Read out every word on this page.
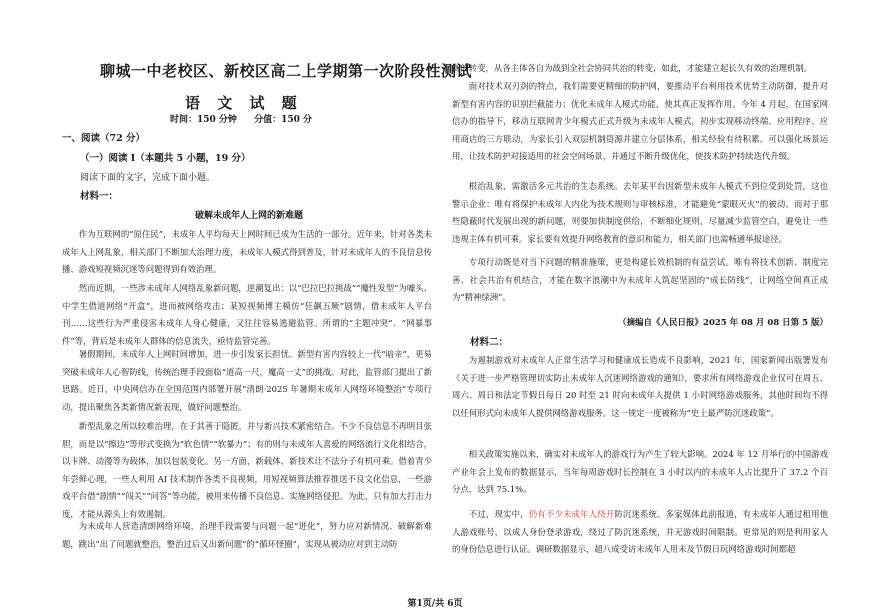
聊城一中老校区、新校区高二上学期第一次阶段性测试
语 文 试 题
时间：150 分钟 分值：150 分
一、阅读（72 分）
（一）阅读 I（本题共 5 小题，19 分）
阅读下面的文字，完成下面小题。
材料一：
破解未成年人上网的新难题

作为互联网的“原住民”，未成年人平均每天上网时间已成为生活的一部分。近年来，针对各类未成年人上网乱象，相关部门不断加大治理力度，未成年人模式得到普及，针对未成年人的不良信息传播、游戏短视频沉迷等问题得到有效治理。

然而近期，一些涉未成年人网络乱象新问题，逆潮复出：以“巴拉巴拉挑战”“魔性发型”为噱头、中学生借道网络“开盒”，进而被网络攻击；某短视频博主模仿“狂飙五厥”剧情，借未成年人平台刊……这些行为严重侵害未成年人身心健康，又往往容易逃避监管。所谓的“主题冲突”、“网暴事件”等，背后是未成年人群体的信息流失，亟待监管完善。

暑假期间，未成年人上网时间增加，进一步引发家长担忧。新型有害内容较上一代“暗亲”，更易突破未成年人心智防线，传统治理手段面临“道高一尺，魔高一丈”的挑战。对此，监管部门提出了新思路。近日，中央网信办在全国范围内部署开展“清朗·2025 年暑期未成年人网络环境整治”专项行动，提出聚焦各类新情况新表现，做好问题整治。

新型乱象之所以较难治理，在于其善于隐匿，并与新兴技术紧密结合。不少不良信息不再明目张胆，而是以“擦边”等形式变换为“软色情”“软暴力”；有的则与未成年人喜爱的网络流行文化相结合，以卡牌、动漫等为载体，加以包装变化。另一方面，新载体、新技术让不法分子有机可乘。借着青少年尝鲜心理，一些人利用 AI 技术制作各类不良视频，用短视频算法推荐推送不良文化信息，一些游戏平台借“剧情”“闯关”“问答”等功能，被用来传播不良信息、实施网络侵犯。为此，只有加大打击力度，才能从源头上有效遏制。

为未成年人营造清朗网络环境，治理手段需要与问题一起“进化”，努力应对新情况、破解新难题，跳出“出了问题就整治，整治过后又出新问题”的“循环怪圈”，实现从被动应对到主动防

御的转变，从各主体各自为战到全社会协同共治的转变，如此，才能建立起长久有效的治理机制。

面对技术双刃剑的特点，我们需要更精细的防护网，要推动平台利用技术优势主动防御，提升对新型有害内容的识别拦截能力；优化未成年人模式功能，使其真正发挥作用。今年 4 月起，在国家网信办的指导下，移动互联网青少年模式正式升级为未成年人模式，初步实现移动终端、应用程序、应用商店的三方联动，为家长引入双层机制资源并建立分层体系，相关经验有待积累。可以强化场景运用，让技术防护对接适用的社会空间场景，并通过不断升级优化，使技术防护持续迭代升级。

根治乱象，需激活多元共治的生态系统。去年某平台因新型未成年人模式不到位受到处罚，这也警示企业：唯有将保护未成年人内化为技术规则与审核标准，才能避免“蒙眼灭火”的被动。而对于那些隐蔽时代发展出现的新问题，则要加快制度供给，不断细化规则，尽量减少监管空白，避免让一些违规主体有机可乘。家长要有效提升网络教育的意识和能力，相关部门也需畅通举报途径。

专项行动既是对当下问题的精准施策，更是构建长效机制的有益尝试。唯有将技术创新、制度完善、社会共治有机结合，才能在数字浪潮中为未成年人筑起坚固的“成长防线”，让网络空间真正成为“精神绿洲”。

（摘编自《人民日报》2025 年 08 月 08 日第 5 版）
材料二：

为遏制游戏对未成年人正常生活学习和健康成长造成不良影响，2021 年，国家新闻出版署发布《关于进一步严格管理切实防止未成年人沉迷网络游戏的通知》，要求所有网络游戏企业仅可在周五、周六、周日和法定节假日每日 20 时至 21 时向未成年人提供 1 小时网络游戏服务，其他时间均不得以任何形式向未成年人提供网络游戏服务。这一规定一度被称为“史上最严防沉迷政策”。

相关政策实施以来，确实对未成年人的游戏行为产生了较大影响。2024 年 12 月举行的中国游戏产业年会上发布的数据显示，当年每周游戏时长控制在 3 小时以内的未成年人占比提升了 37.2 个百分点，达到 75.1%。

不过，现实中，仍有不少未成年人绕开防沉迷系统。多家媒体此前报道，有未成年人通过租用他人游戏账号，以成人身份登录游戏，绕过了防沉迷系统，并无游戏时间限制。更常见的则是利用家人的身份信息进行认证。调研数据显示，超八成受访未成年人用未及节假日玩网络游戏时间都超

第1页/共 6页
